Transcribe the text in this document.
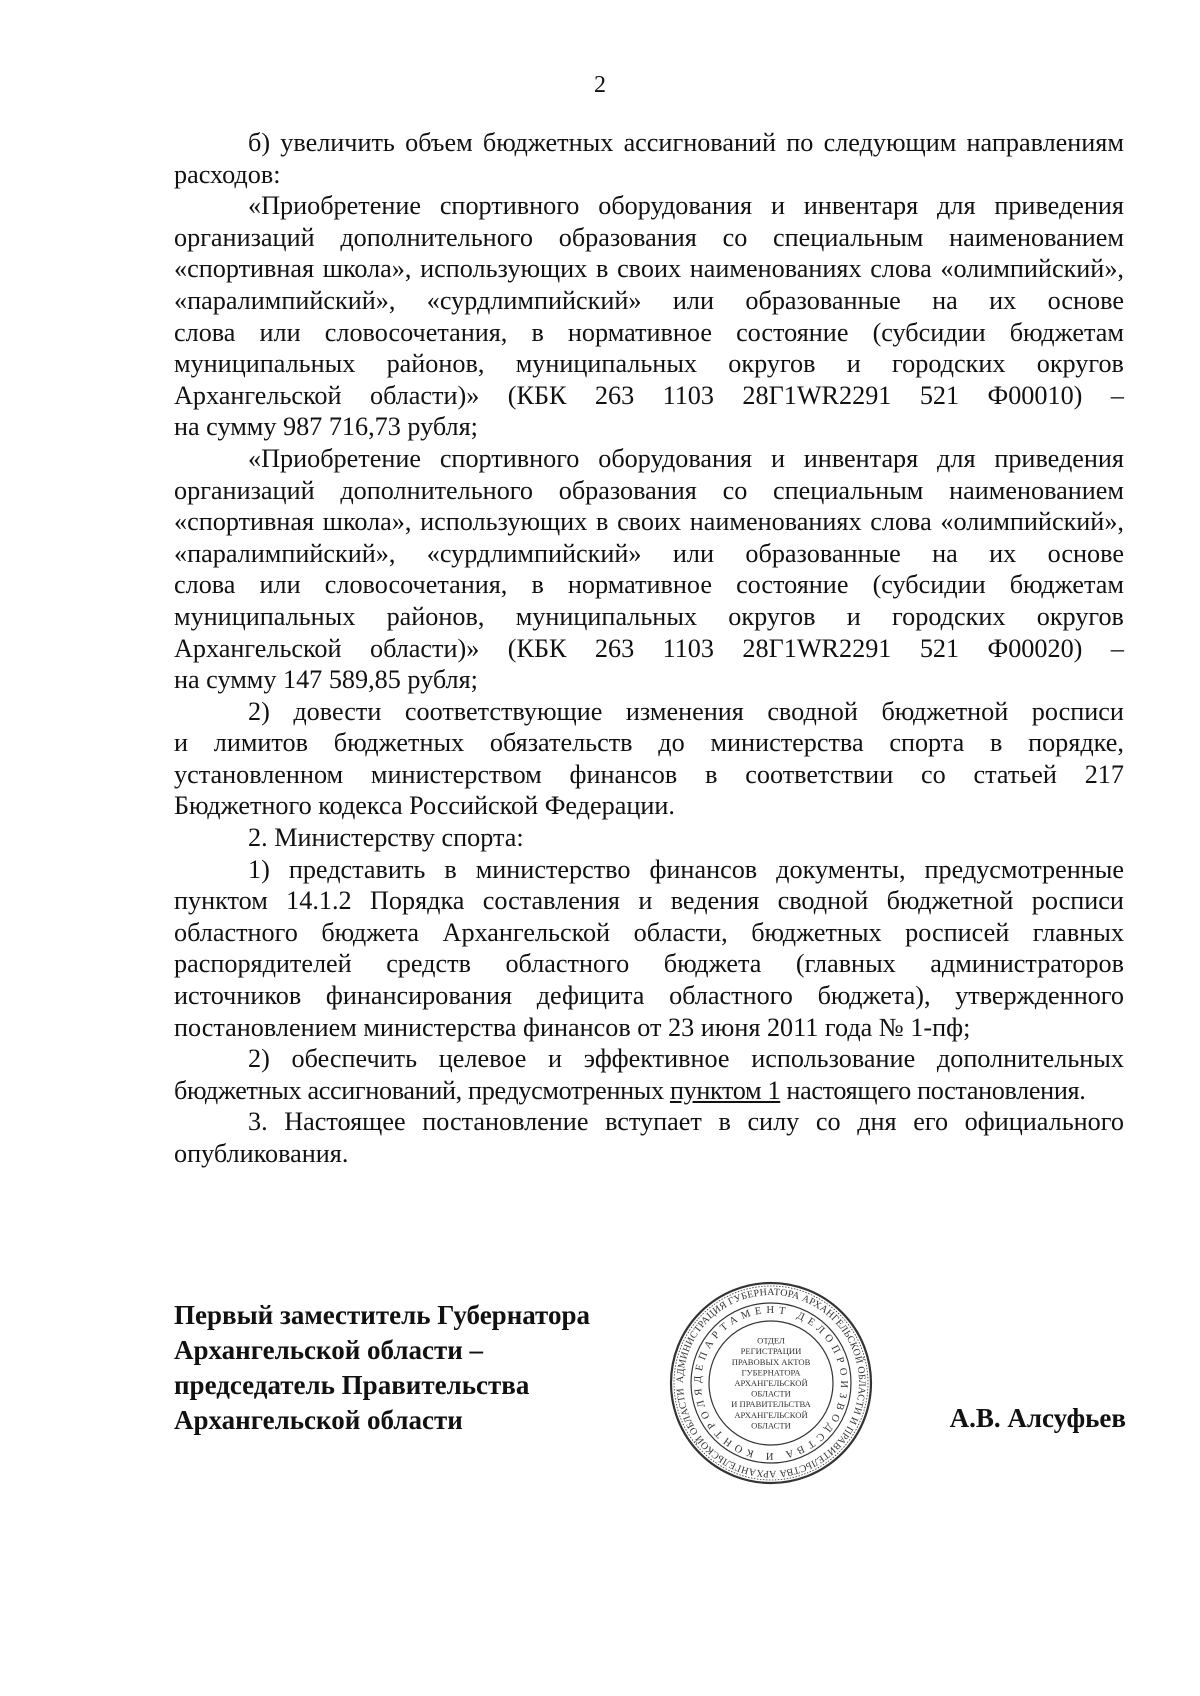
2
б) увеличить объем бюджетных ассигнований по следующим направлениям
расходов:
«Приобретение спортивного оборудования и инвентаря для приведения
организаций дополнительного образования со специальным наименованием
«спортивная школа», использующих в своих наименованиях слова «олимпийский»,
«паралимпийский», «сурдлимпийский» или образованные на их основе
слова или словосочетания, в нормативное состояние (субсидии бюджетам
муниципальных районов, муниципальных округов и городских округов
Архангельской области)» (КБК 263 1103 28Г1WR2291 521 Ф00010) –
на сумму 987 716,73 рубля;
«Приобретение спортивного оборудования и инвентаря для приведения
организаций дополнительного образования со специальным наименованием
«спортивная школа», использующих в своих наименованиях слова «олимпийский»,
«паралимпийский», «сурдлимпийский» или образованные на их основе
слова или словосочетания, в нормативное состояние (субсидии бюджетам
муниципальных районов, муниципальных округов и городских округов
Архангельской области)» (КБК 263 1103 28Г1WR2291 521 Ф00020) –
на сумму 147 589,85 рубля;
2) довести соответствующие изменения сводной бюджетной росписи
и лимитов бюджетных обязательств до министерства спорта в порядке,
установленном министерством финансов в соответствии со статьей 217
Бюджетного кодекса Российской Федерации.
2. Министерству спорта:
1) представить в министерство финансов документы, предусмотренные
пунктом 14.1.2 Порядка составления и ведения сводной бюджетной росписи
областного бюджета Архангельской области, бюджетных росписей главных
распорядителей средств областного бюджета (главных администраторов
источников финансирования дефицита областного бюджета), утвержденного
постановлением министерства финансов от 23 июня 2011 года № 1-пф;
2) обеспечить целевое и эффективное использование дополнительных
бюджетных ассигнований, предусмотренных пунктом 1 настоящего постановления.
3. Настоящее постановление вступает в силу со дня его официального
опубликования.
Первый заместитель Губернатора
Архангельской области –
председатель Правительства
Архангельской области	А.В. Алсуфьев
АДМИНИСТРАЦИЯ ГУБЕРНАТОРА АРХАНГЕЛЬСКОЙ ОБЛАСТИ И ПРАВИТЕЛЬСТВА АРХАНГЕЛЬСКОЙ ОБЛАСТИ
ДЕПАРТАМЕНТ ДЕЛОПРОИЗВОДСТВА И КОНТРОЛЯ
ОТДЕЛ
РЕГИСТРАЦИИ
ПРАВОВЫХ АКТОВ
ГУБЕРНАТОРА
АРХАНГЕЛЬСКОЙ
ОБЛАСТИ
И ПРАВИТЕЛЬСТВА
АРХАНГЕЛЬСКОЙ
ОБЛАСТИ
